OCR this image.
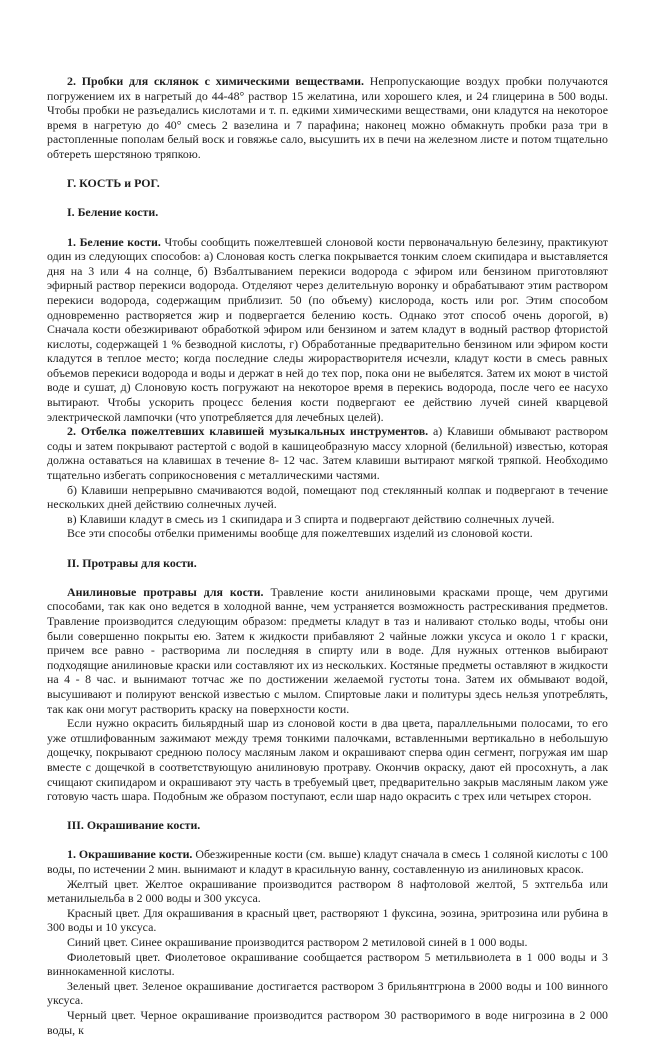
2. Пробки для склянок с химическими веществами. Непропускающие воздух пробки получаются погружением их в нагретый до 44-48° раствор 15 желатина, или хорошего клея, и 24 глицерина в 500 воды. Чтобы пробки не разъедались кислотами и т. п. едкими химическими веществами, они кладутся на некоторое время в нагретую до 40° смесь 2 вазелина и 7 парафина; наконец можно обмакнуть пробки раза три в растопленные пополам белый воск и говяжье сало, высушить их в печи на железном листе и потом тщательно обтереть шерстяною тряпкою.

Г. КОСТЬ и РОГ.

I. Беление кости.

1. Беление кости. Чтобы сообщить пожелтевшей слоновой кости первоначальную белезину, практикуют один из следующих способов: а) Слоновая кость слегка покрывается тонким слоем скипидара и выставляется дня на 3 или 4 на солнце, б) Взбалтыванием перекиси водорода с эфиром или бензином приготовляют эфирный раствор перекиси водорода. Отделяют через делительную воронку и обрабатывают этим раствором перекиси водорода, содержащим приблизит. 50 (по объему) кислорода, кость или рог. Этим способом одновременно растворяется жир и подвергается белению кость. Однако этот способ очень дорогой, в) Сначала кости обезжиривают обработкой эфиром или бензином и затем кладут в водный раствор фтористой кислоты, содержащей 1 % безводной кислоты, г) Обработанные предварительно бензином или эфиром кости кладутся в теплое место; когда последние следы жирорастворителя исчезли, кладут кости в смесь равных объемов перекиси водорода и воды и держат в ней до тех пор, пока они не выбелятся. Затем их моют в чистой воде и сушат, д) Слоновую кость погружают на некоторое время в перекись водорода, после чего ее насухо вытирают. Чтобы ускорить процесс беления кости подвергают ее действию лучей синей кварцевой электрической лампочки (что употребляется для лечебных целей).

2. Отбелка пожелтевших клавишей музыкальных инструментов. а) Клавиши обмывают раствором соды и затем покрывают растертой с водой в кашицеобразную массу хлорной (белильной) известью, которая должна оставаться на клавишах в течение 8- 12 час. Затем клавиши вытирают мягкой тряпкой. Необходимо тщательно избегать соприкосновения с металлическими частями.

б) Клавиши непрерывно смачиваются водой, помещают под стеклянный колпак и подвергают в течение нескольких дней действию солнечных лучей.

в) Клавиши кладут в смесь из 1 скипидара и 3 спирта и подвергают действию солнечных лучей.

Все эти способы отбелки применимы вообще для пожелтевших изделий из слоновой кости.

II. Протравы для кости.

Анилиновые протравы для кости. Травление кости анилиновыми красками проще, чем другими способами, так как оно ведется в холодной ванне, чем устраняется возможность растрескивания предметов. Травление производится следующим образом: предметы кладут в таз и наливают столько воды, чтобы они были совершенно покрыты ею. Затем к жидкости прибавляют 2 чайные ложки уксуса и около 1 г краски, причем все равно - растворима ли последняя в спирту или в воде. Для нужных оттенков выбирают подходящие анилиновые краски или составляют их из нескольких. Костяные предметы оставляют в жидкости на 4 - 8 час. и вынимают тотчас же по достижении желаемой густоты тона. Затем их обмывают водой, высушивают и полируют венской известью с мылом. Спиртовые лаки и политуры здесь нельзя употреблять, так как они могут растворить краску на поверхности кости.

Если нужно окрасить бильярдный шар из слоновой кости в два цвета, параллельными полосами, то его уже отшлифованным зажимают между тремя тонкими палочками, вставленными вертикально в небольшую дощечку, покрывают среднюю полосу масляным лаком и окрашивают сперва один сегмент, погружая им шар вместе с дощечкой в соответствующую анилиновую протраву. Окончив окраску, дают ей просохнуть, а лак счищают скипидаром и окрашивают эту часть в требуемый цвет, предварительно закрыв масляным лаком уже готовую часть шара. Подобным же образом поступают, если шар надо окрасить с трех или четырех сторон.

III. Окрашивание кости.

1. Окрашивание кости. Обезжиренные кости (см. выше) кладут сначала в смесь 1 соляной кислоты с 100 воды, по истечении 2 мин. вынимают и кладут в красильную ванну, составленную из анилиновых красок.

Желтый цвет. Желтое окрашивание производится раствором 8 нафтоловой желтой, 5 эхтгельба или метанилыельба в 2 000 воды и 300 уксуса.

Красный цвет. Для окрашивания в красный цвет, растворяют 1 фуксина, эозина, эритрозина или рубина в 300 воды и 10 уксуса.

Синий цвет. Синее окрашивание производится раствором 2 метиловой синей в 1 000 воды.

Фиолетовый цвет. Фиолетовое окрашивание сообщается раствором 5 метильвиолета в 1 000 воды и 3 виннокаменной кислоты.

Зеленый цвет. Зеленое окрашивание достигается раствором 3 брильянтгрюна в 2000 воды и 100 винного уксуса.

Черный цвет. Черное окрашивание производится раствором 30 растворимого в воде нигрозина в 2 000 воды, к
